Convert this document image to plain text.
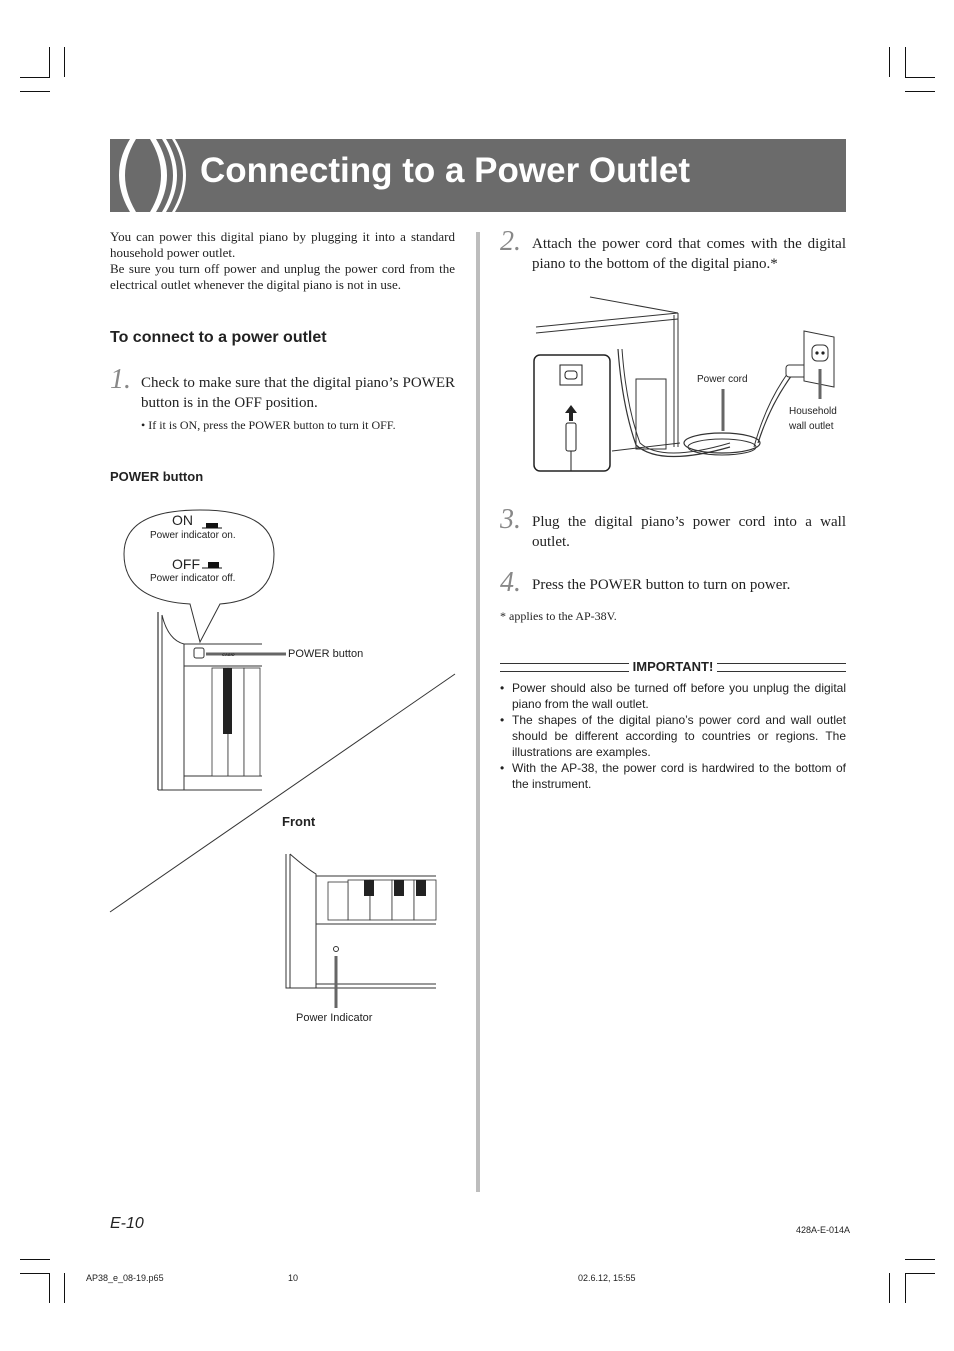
Connecting to a Power Outlet

You can power this digital piano by plugging it into a standard household power outlet.

Be sure you turn off power and unplug the power cord from the electrical outlet whenever the digital piano is not in use.

To connect to a power outlet
1. Check to make sure that the digital piano’s POWER button is in the OFF position.
• If it is ON, press the POWER button to turn it OFF.
POWER button
ON
Power indicator on.
OFF
Power indicator off.
CASIO	POWER button
Front
Power Indicator
2. Attach the power cord that comes with the digital piano to the bottom of the digital piano.*
Power cord
Household
wall outlet
3. Plug the digital piano’s power cord into a wall outlet.
4. Press the POWER button to turn on power.
* applies to the AP-38V.
IMPORTANT!
• Power should also be turned off before you unplug the digital piano from the wall outlet.
• The shapes of the digital piano’s power cord and wall outlet should be different according to countries or regions. The illustrations are examples.
• With the AP-38, the power cord is hardwired to the bottom of the instrument.
E-10	428A-E-014A
AP38_e_08-19.p65	10	02.6.12, 15:55
